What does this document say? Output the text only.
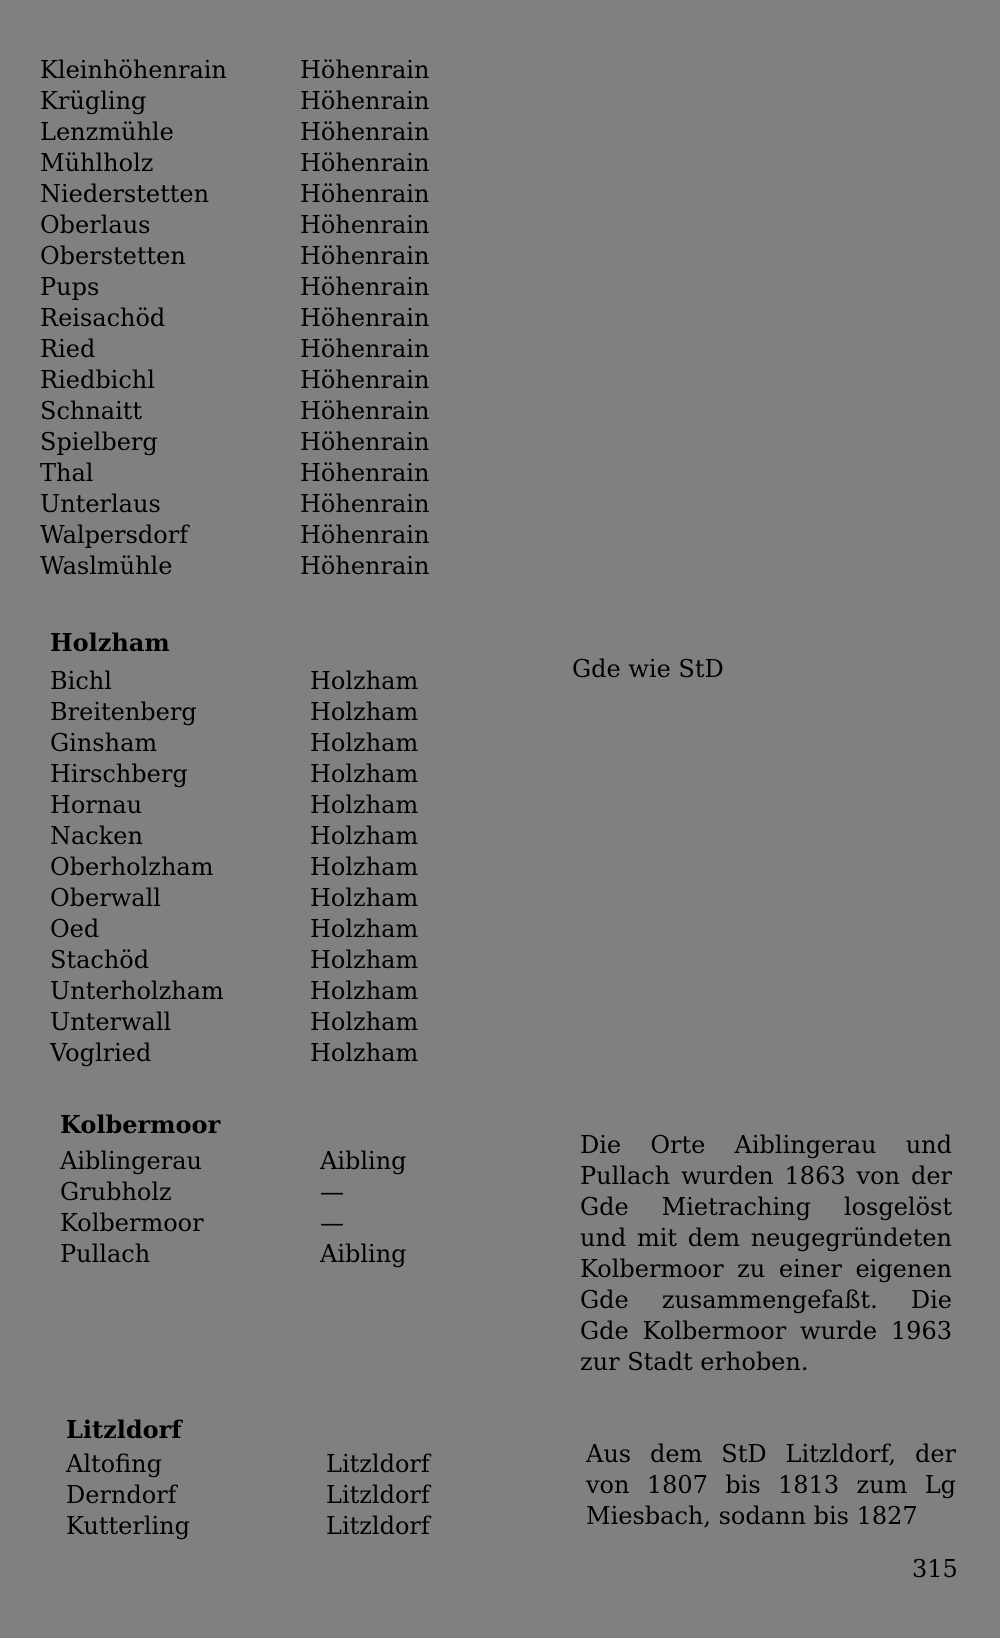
Kleinhöhenrain	Höhenrain
Krügling	Höhenrain
Lenzmühle	Höhenrain
Mühlholz	Höhenrain
Niederstetten	Höhenrain
Oberlaus	Höhenrain
Oberstetten	Höhenrain
Pups	Höhenrain
Reisachöd	Höhenrain
Ried	Höhenrain
Riedbichl	Höhenrain
Schnaitt	Höhenrain
Spielberg	Höhenrain
Thal	Höhenrain
Unterlaus	Höhenrain
Walpersdorf	Höhenrain
Waslmühle	Höhenrain
Holzham
Gde wie StD
Bichl	Holzham
Breitenberg	Holzham
Ginsham	Holzham
Hirschberg	Holzham
Hornau	Holzham
Nacken	Holzham
Oberholzham	Holzham
Oberwall	Holzham
Oed	Holzham
Stachöd	Holzham
Unterholzham	Holzham
Unterwall	Holzham
Voglried	Holzham
Kolbermoor
Die Orte Aiblingerau und Pullach wurden 1863 von der Gde Mietraching losgelöst und mit dem neugegründeten Kolbermoor zu einer eigenen Gde zusammengefaßt. Die Gde Kolbermoor wurde 1963 zur Stadt erhoben.
Aiblingerau	Aibling
Grubholz	—
Kolbermoor	—
Pullach	Aibling
Litzldorf
Aus dem StD Litzldorf, der von 1807 bis 1813 zum Lg Miesbach, sodann bis 1827
Altofing	Litzldorf
Derndorf	Litzldorf
Kutterling	Litzldorf
315
